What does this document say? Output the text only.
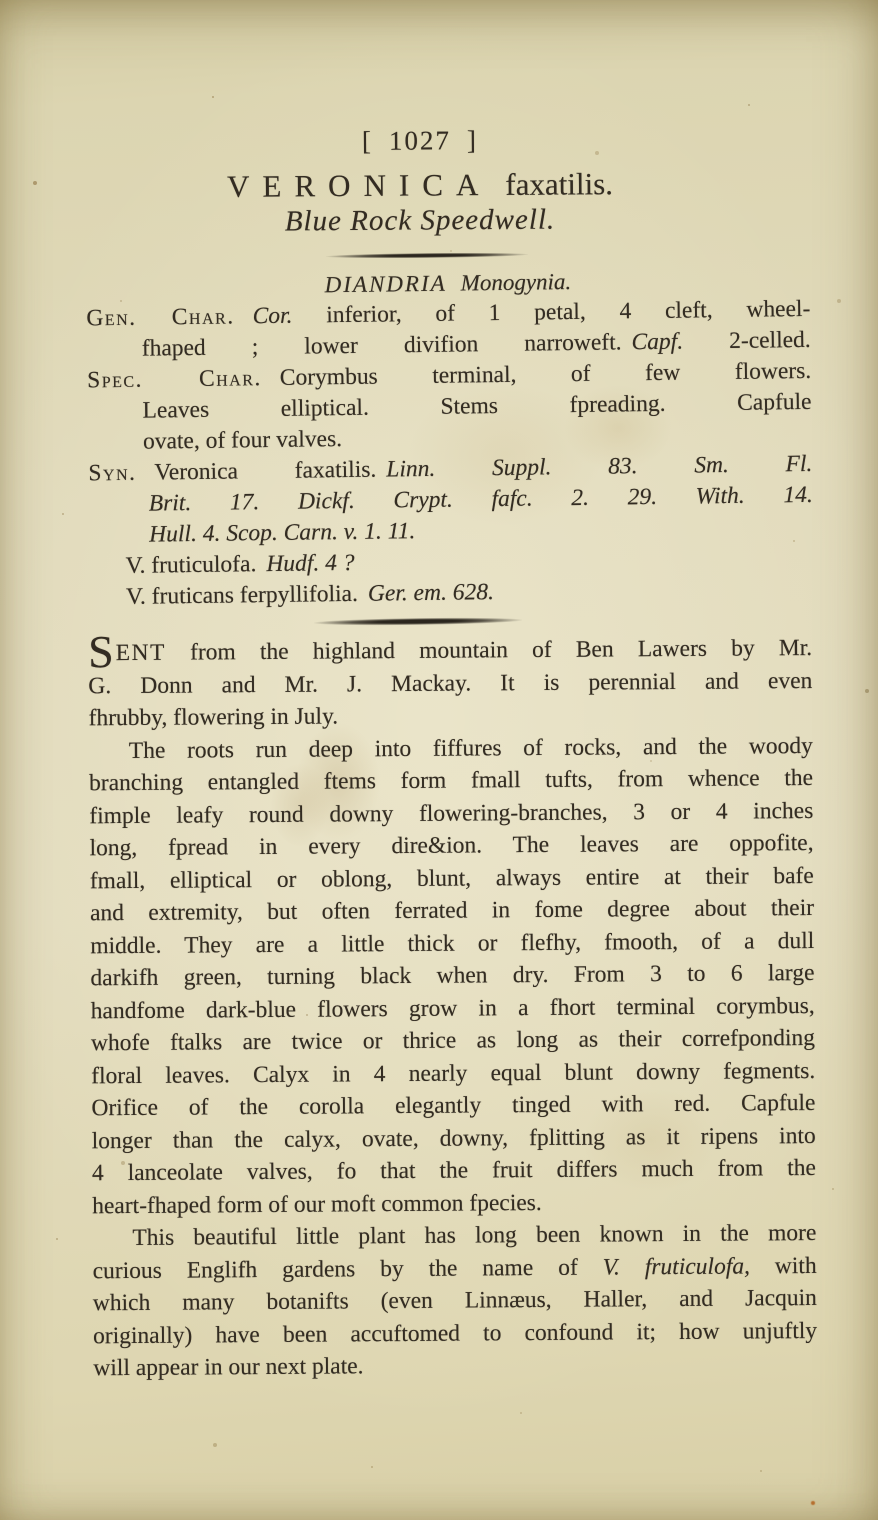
[ 1027 ]
VERONICA faxatilis.
Blue Rock Speedwell.
DIANDRIA Monogynia.
Gen. Char. Cor. inferior, of 1 petal, 4 cleft, wheel-
fhaped ; lower divifion narroweft. Capf. 2-celled.
Spec. Char. Corymbus terminal, of few flowers.
Leaves elliptical. Stems fpreading. Capfule
ovate, of four valves.
Syn. Veronica faxatilis. Linn. Suppl. 83. Sm. Fl.
Brit. 17. Dickf. Crypt. fafc. 2. 29. With. 14.
Hull. 4. Scop. Carn. v. 1. 11.
V. fruticulofa. Hudf. 4 ?
V. fruticans ferpyllifolia. Ger. em. 628.
SENT from the highland mountain of Ben Lawers by Mr.
G. Donn and Mr. J. Mackay. It is perennial and even
fhrubby, flowering in July.
The roots run deep into fiffures of rocks, and the woody
branching entangled ftems form fmall tufts, from whence the
fimple leafy round downy flowering-branches, 3 or 4 inches
long, fpread in every dire&ion. The leaves are oppofite,
fmall, elliptical or oblong, blunt, always entire at their bafe
and extremity, but often ferrated in fome degree about their
middle. They are a little thick or flefhy, fmooth, of a dull
darkifh green, turning black when dry. From 3 to 6 large
handfome dark-blue flowers grow in a fhort terminal corymbus,
whofe ftalks are twice or thrice as long as their correfponding
floral leaves. Calyx in 4 nearly equal blunt downy fegments.
Orifice of the corolla elegantly tinged with red. Capfule
longer than the calyx, ovate, downy, fplitting as it ripens into
4 lanceolate valves, fo that the fruit differs much from the
heart-fhaped form of our moft common fpecies.
This beautiful little plant has long been known in the more
curious Englifh gardens by the name of V. fruticulofa, with
which many botanifts (even Linnæus, Haller, and Jacquin
originally) have been accuftomed to confound it; how unjuftly
will appear in our next plate.
